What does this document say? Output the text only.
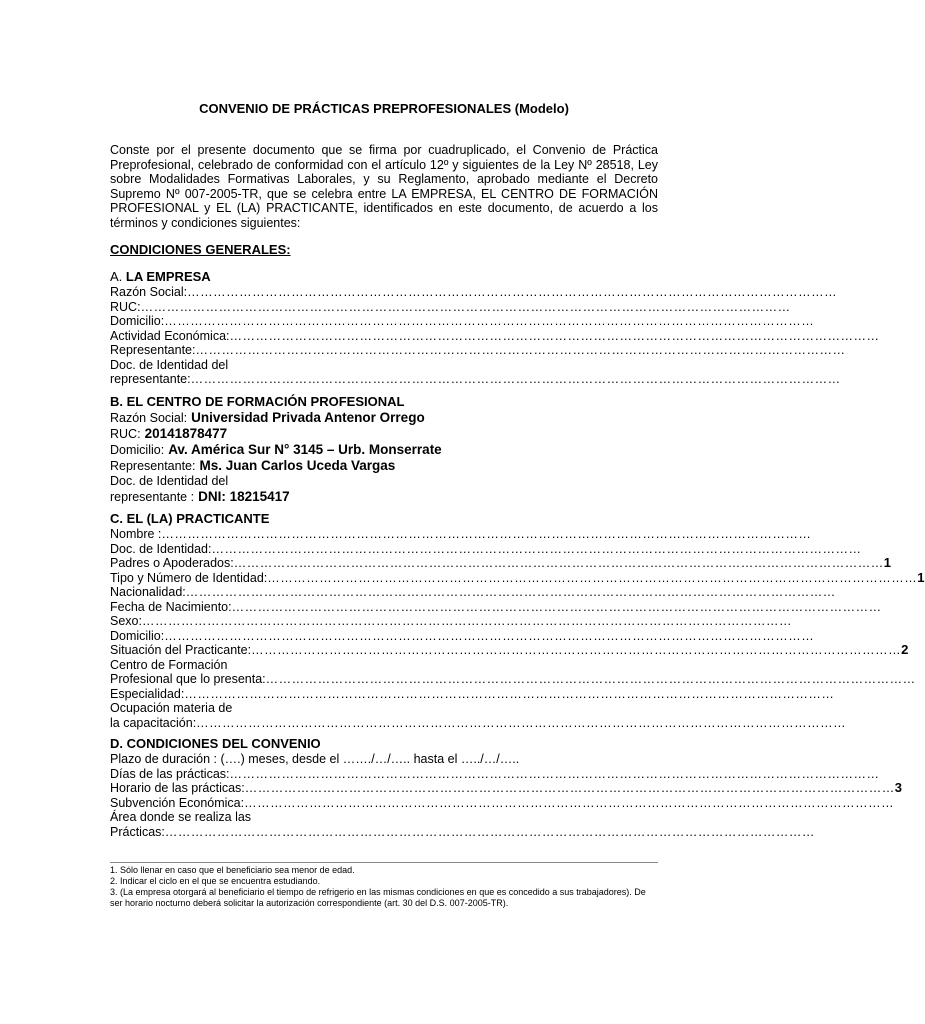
CONVENIO DE PRÁCTICAS PREPROFESIONALES (Modelo)
Conste por el presente documento que se firma por cuadruplicado, el Convenio de Práctica Preprofesional, celebrado de conformidad con el artículo 12º y siguientes de la Ley Nº 28518, Ley sobre Modalidades Formativas Laborales, y su Reglamento, aprobado mediante el Decreto Supremo Nº 007-2005-TR, que se celebra entre LA EMPRESA, EL CENTRO DE FORMACIÓN PROFESIONAL y EL (LA) PRACTICANTE, identificados en este documento, de acuerdo a los términos y condiciones siguientes:
CONDICIONES GENERALES:
A. LA EMPRESA
Razón Social: ……………………………………………………………………………………………………………………………………
RUC: ……………………………………………………………………………………………………………………………………
Domicilio: ……………………………………………………………………………………………………………………………………
Actividad Económica: ……………………………………………………………………………………………………………………………………
Representante: ……………………………………………………………………………………………………………………………………
Doc. de Identidad del
representante: ……………………………………………………………………………………………………………………………………
B. EL CENTRO DE FORMACIÓN PROFESIONAL
Razón Social: Universidad Privada Antenor Orrego
RUC: 20141878477
Domicilio: Av. América Sur N° 3145 – Urb. Monserrate
Representante: Ms. Juan Carlos Uceda Vargas
Doc. de Identidad del
representante : DNI: 18215417
C. EL (LA) PRACTICANTE
Nombre : ……………………………………………………………………………………………………………………………………
Doc. de Identidad: ……………………………………………………………………………………………………………………………………
Padres o Apoderados: …………………………………………………………………………………………………………………………………… 1
Tipo y Número de Identidad: …………………………………………………………………………………………………………………………………… 1
Nacionalidad: ……………………………………………………………………………………………………………………………………
Fecha de Nacimiento: ……………………………………………………………………………………………………………………………………
Sexo: ……………………………………………………………………………………………………………………………………
Domicilio: ……………………………………………………………………………………………………………………………………
Situación del Practicante: …………………………………………………………………………………………………………………………………… 2
Centro de Formación
Profesional que lo presenta: ……………………………………………………………………………………………………………………………………
Especialidad: ……………………………………………………………………………………………………………………………………
Ocupación materia de
la capacitación: ……………………………………………………………………………………………………………………………………
D. CONDICIONES DEL CONVENIO
Plazo de duración : (….) meses, desde el ……./…/….. hasta el …../…/…..
Días de las prácticas: ……………………………………………………………………………………………………………………………………
Horario de las prácticas: …………………………………………………………………………………………………………………………………… 3
Subvención Económica: ……………………………………………………………………………………………………………………………………
Área donde se realiza las
Prácticas: ……………………………………………………………………………………………………………………………………
1. Sólo llenar en caso que el beneficiario sea menor de edad.
2. Indicar el ciclo en el que se encuentra estudiando.
3. (La empresa otorgará al beneficiario el tiempo de refrigerio en las mismas condiciones en que es concedido a sus trabajadores). De ser horario nocturno deberá solicitar la autorización correspondiente (art. 30 del D.S. 007-2005-TR).
